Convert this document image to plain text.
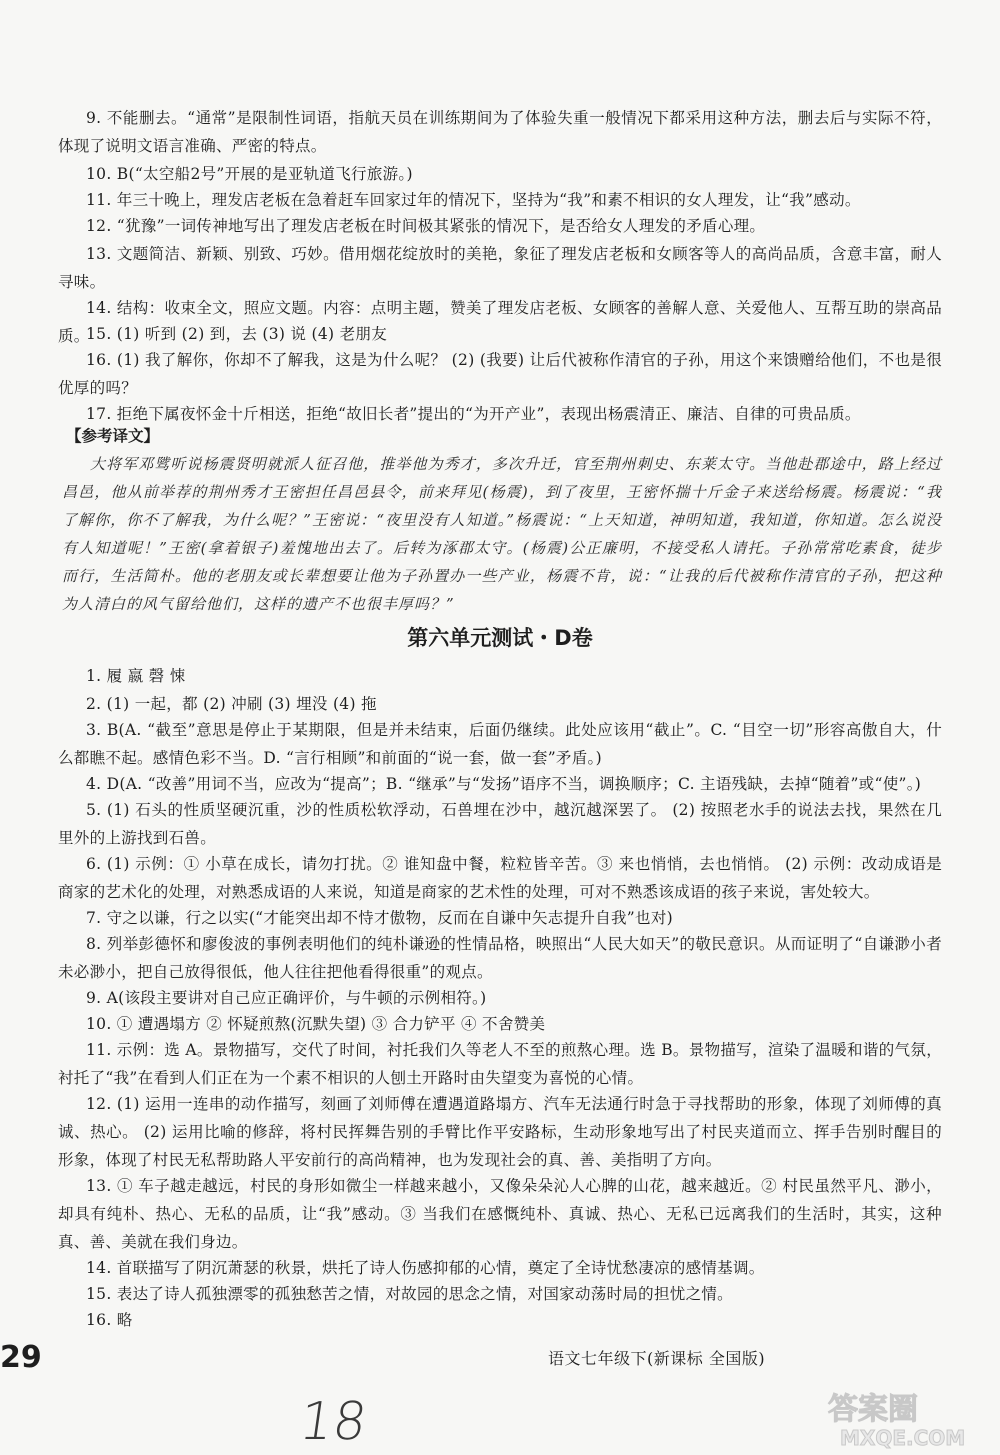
9. 不能删去。“通常”是限制性词语，指航天员在训练期间为了体验失重一般情况下都采用这种方法，删去后与实际不符，体现了说明文语言准确、严密的特点。
10. B(“太空船2号”开展的是亚轨道飞行旅游。)
11. 年三十晚上，理发店老板在急着赶车回家过年的情况下，坚持为“我”和素不相识的女人理发，让“我”感动。
12. “犹豫”一词传神地写出了理发店老板在时间极其紧张的情况下，是否给女人理发的矛盾心理。
13. 文题简洁、新颖、别致、巧妙。借用烟花绽放时的美艳，象征了理发店老板和女顾客等人的高尚品质，含意丰富，耐人寻味。
14. 结构：收束全文，照应文题。内容：点明主题，赞美了理发店老板、女顾客的善解人意、关爱他人、互帮互助的崇高品质。
15. (1) 听到 (2) 到，去 (3) 说 (4) 老朋友
16. (1) 我了解你，你却不了解我，这是为什么呢？ (2) (我要) 让后代被称作清官的子孙，用这个来馈赠给他们，不也是很优厚的吗？
17. 拒绝下属夜怀金十斤相送，拒绝“故旧长者”提出的“为开产业”，表现出杨震清正、廉洁、自律的可贵品质。
【参考译文】
大将军邓骘听说杨震贤明就派人征召他，推举他为秀才，多次升迁，官至荆州刺史、东莱太守。当他赴郡途中，路上经过昌邑，他从前举荐的荆州秀才王密担任昌邑县令，前来拜见(杨震)，到了夜里，王密怀揣十斤金子来送给杨震。杨震说：“我了解你，你不了解我，为什么呢？”王密说：“夜里没有人知道。”杨震说：“上天知道，神明知道，我知道，你知道。怎么说没有人知道呢！”王密(拿着银子)羞愧地出去了。后转为涿郡太守。(杨震)公正廉明，不接受私人请托。子孙常常吃素食，徒步而行，生活简朴。他的老朋友或长辈想要让他为子孙置办一些产业，杨震不肯，说：“让我的后代被称作清官的子孙，把这种为人清白的风气留给他们，这样的遗产不也很丰厚吗？”
第六单元测试・D卷
1. 履 嬴 磬 悚
2. (1) 一起，都 (2) 冲刷 (3) 埋没 (4) 拖
3. B(A. “截至”意思是停止于某期限，但是并未结束，后面仍继续。此处应该用“截止”。C. “目空一切”形容高傲自大，什么都瞧不起。感情色彩不当。D. “言行相顾”和前面的“说一套，做一套”矛盾。)
4. D(A. “改善”用词不当，应改为“提高”；B. “继承”与“发扬”语序不当，调换顺序；C. 主语残缺，去掉“随着”或“使”。)
5. (1) 石头的性质坚硬沉重，沙的性质松软浮动，石兽埋在沙中，越沉越深罢了。 (2) 按照老水手的说法去找，果然在几里外的上游找到石兽。
6. (1) 示例：① 小草在成长，请勿打扰。② 谁知盘中餐，粒粒皆辛苦。③ 来也悄悄，去也悄悄。 (2) 示例：改动成语是商家的艺术化的处理，对熟悉成语的人来说，知道是商家的艺术性的处理，可对不熟悉该成语的孩子来说，害处较大。
7. 守之以谦，行之以实(“才能突出却不恃才傲物，反而在自谦中矢志提升自我”也对)
8. 列举彭德怀和廖俊波的事例表明他们的纯朴谦逊的性情品格，映照出“人民大如天”的敬民意识。从而证明了“自谦渺小者未必渺小，把自己放得很低，他人往往把他看得很重”的观点。
9. A(该段主要讲对自己应正确评价，与牛顿的示例相符。)
10. ① 遭遇塌方 ② 怀疑煎熬(沉默失望) ③ 合力铲平 ④ 不舍赞美
11. 示例：选 A。景物描写，交代了时间，衬托我们久等老人不至的煎熬心理。选 B。景物描写，渲染了温暖和谐的气氛，衬托了“我”在看到人们正在为一个素不相识的人刨土开路时由失望变为喜悦的心情。
12. (1) 运用一连串的动作描写，刻画了刘师傅在遭遇道路塌方、汽车无法通行时急于寻找帮助的形象，体现了刘师傅的真诚、热心。 (2) 运用比喻的修辞，将村民挥舞告别的手臂比作平安路标，生动形象地写出了村民夹道而立、挥手告别时醒目的形象，体现了村民无私帮助路人平安前行的高尚精神，也为发现社会的真、善、美指明了方向。
13. ① 车子越走越远，村民的身形如微尘一样越来越小，又像朵朵沁人心脾的山花，越来越近。② 村民虽然平凡、渺小，却具有纯朴、热心、无私的品质，让“我”感动。③ 当我们在感慨纯朴、真诚、热心、无私已远离我们的生活时，其实，这种真、善、美就在我们身边。
14. 首联描写了阴沉萧瑟的秋景，烘托了诗人伤感抑郁的心情，奠定了全诗忧愁凄凉的感情基调。
15. 表达了诗人孤独漂零的孤独愁苦之情，对故园的思念之情，对国家动荡时局的担忧之情。
16. 略
29	语文七年级下(新课标 全国版)
18	答案圈
MXQE.COM
